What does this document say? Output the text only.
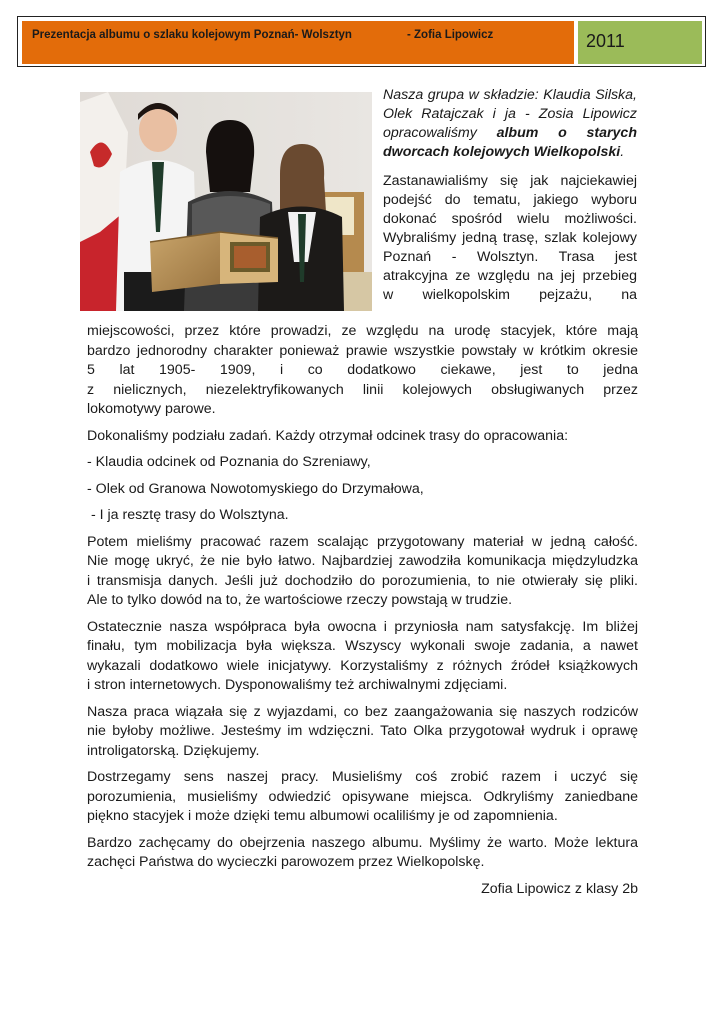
Prezentacja albumu o szlaku kolejowym Poznań- Wolsztyn	- Zofia Lipowicz	2011

Nasza grupa w składzie: Klaudia Silska,
Olek Ratajczak i ja - Zosia Lipowicz
opracowaliśmy album o starych
dworcach kolejowych Wielkopolski.

Zastanawialiśmy się jak najciekawiej
podejść do tematu, jakiego wyboru
dokonać spośród wielu możliwości.
Wybraliśmy jedną trasę, szlak kolejowy
Poznań - Wolsztyn. Trasa jest
atrakcyjna ze względu na jej przebieg
w wielkopolskim pejzażu, na

miejscowości, przez które prowadzi, ze względu na urodę stacyjek, które mają
bardzo jednorodny charakter ponieważ prawie wszystkie powstały w krótkim okresie
5 lat 1905- 1909, i co dodatkowo ciekawe, jest to jedna
z nielicznych, niezelektryfikowanych linii kolejowych obsługiwanych przez
lokomotywy parowe.

Dokonaliśmy podziału zadań. Każdy otrzymał odcinek trasy do opracowania:

- Klaudia odcinek od Poznania do Szreniawy,

- Olek od Granowa Nowotomyskiego do Drzymałowa,

- I ja resztę trasy do Wolsztyna.

Potem mieliśmy pracować razem scalając przygotowany materiał w jedną całość.
Nie mogę ukryć, że nie było łatwo. Najbardziej zawodziła komunikacja międzyludzka
i transmisja danych. Jeśli już dochodziło do porozumienia, to nie otwierały się pliki.
Ale to tylko dowód na to, że wartościowe rzeczy powstają w trudzie.

Ostatecznie nasza współpraca była owocna i przyniosła nam satysfakcję. Im bliżej
finału, tym mobilizacja była większa. Wszyscy wykonali swoje zadania, a nawet
wykazali dodatkowo wiele inicjatywy. Korzystaliśmy z różnych źródeł książkowych
i stron internetowych. Dysponowaliśmy też archiwalnymi zdjęciami.

Nasza praca wiązała się z wyjazdami, co bez zaangażowania się naszych rodziców
nie byłoby możliwe. Jesteśmy im wdzięczni. Tato Olka przygotował wydruk i oprawę
introligatorską. Dziękujemy.

Dostrzegamy sens naszej pracy. Musieliśmy coś zrobić razem i uczyć się
porozumienia, musieliśmy odwiedzić opisywane miejsca. Odkryliśmy zaniedbane
piękno stacyjek i może dzięki temu albumowi ocaliliśmy je od zapomnienia.

Bardzo zachęcamy do obejrzenia naszego albumu. Myślimy że warto. Może lektura
zachęci Państwa do wycieczki parowozem przez Wielkopolskę.

Zofia Lipowicz z klasy 2b
